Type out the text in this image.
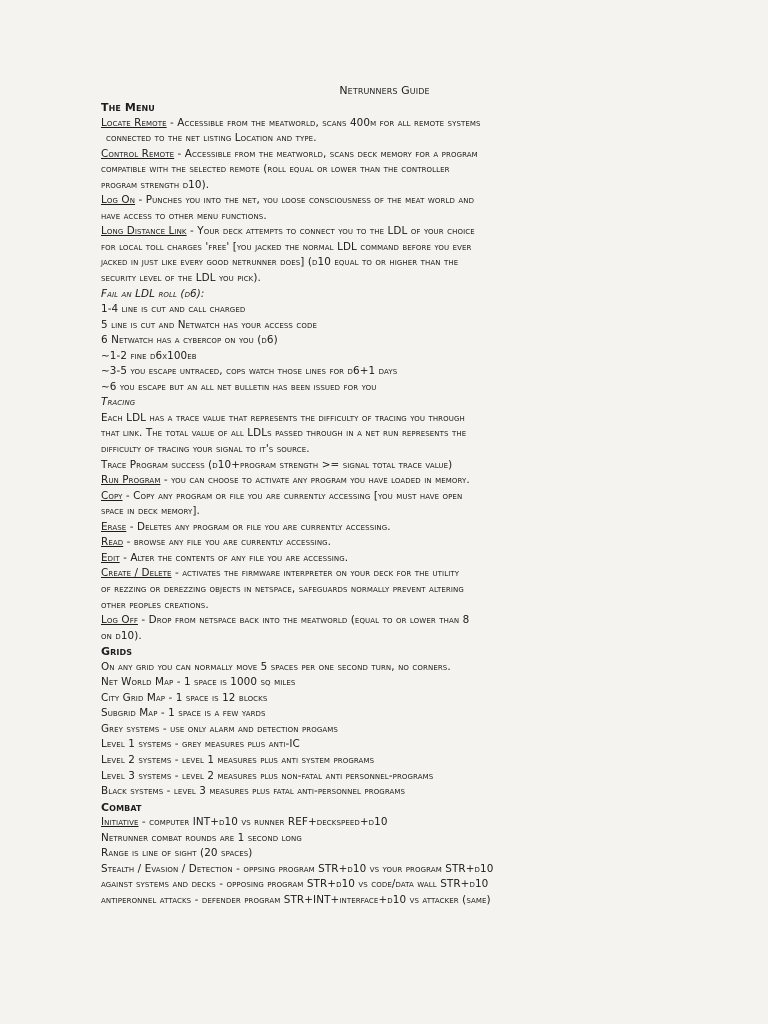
Netrunners Guide
The Menu
Locate Remote - Accessible from the meatworld, scans 400m for all remote systems
connected to the net listing Location and type.
Control Remote - Accessible from the meatworld, scans deck memory for a program
compatible with the selected remote (roll equal or lower than the controller
program strength d10).
Log On - Punches you into the net, you loose consciousness of the meat world and
have access to other menu functions.
Long Distance Link - Your deck attempts to connect you to the LDL of your choice
for local toll charges 'free' [you jacked the normal LDL command before you ever
jacked in just like every good netrunner does] (d10 equal to or higher than the
security level of the LDL you pick).
Fail an LDL roll (d6):
1-4 line is cut and call charged
5 line is cut and Netwatch has your access code
6 Netwatch has a cybercop on you (d6)
~1-2 fine d6x100eb
~3-5 you escape untraced, cops watch those lines for d6+1 days
~6 you escape but an all net bulletin has been issued for you
Tracing
Each LDL has a trace value that represents the difficulty of tracing you through
that link. The total value of all LDLs passed through in a net run represents the
difficulty of tracing your signal to it's source.
Trace Program success (d10+program strength >= signal total trace value)
Run Program - you can choose to activate any program you have loaded in memory.
Copy - Copy any program or file you are currently accessing [you must have open
space in deck memory].
Erase - Deletes any program or file you are currently accessing.
Read - browse any file you are currently accessing.
Edit - Alter the contents of any file you are accessing.
Create / Delete - activates the firmware interpreter on your deck for the utility
of rezzing or derezzing objects in netspace, safeguards normally prevent altering
other peoples creations.
Log Off - Drop from netspace back into the meatworld (equal to or lower than 8
on d10).
Grids
On any grid you can normally move 5 spaces per one second turn, no corners.
Net World Map - 1 space is 1000 sq miles
City Grid Map - 1 space is 12 blocks
Subgrid Map - 1 space is a few yards
Grey systems - use only alarm and detection progams
Level 1 systems - grey measures plus anti-IC
Level 2 systems - level 1 measures plus anti system programs
Level 3 systems - level 2 measures plus non-fatal anti personnel-programs
Black systems - level 3 measures plus fatal anti-personnel programs
Combat
Initiative - computer INT+d10 vs runner REF+deckspeed+d10
Netrunner combat rounds are 1 second long
Range is line of sight (20 spaces)
Stealth / Evasion / Detection - oppsing program STR+d10 vs your program STR+d10
against systems and decks - opposing program STR+d10 vs code/data wall STR+d10
antiperonnel attacks - defender program STR+INT+interface+d10 vs attacker (same)
